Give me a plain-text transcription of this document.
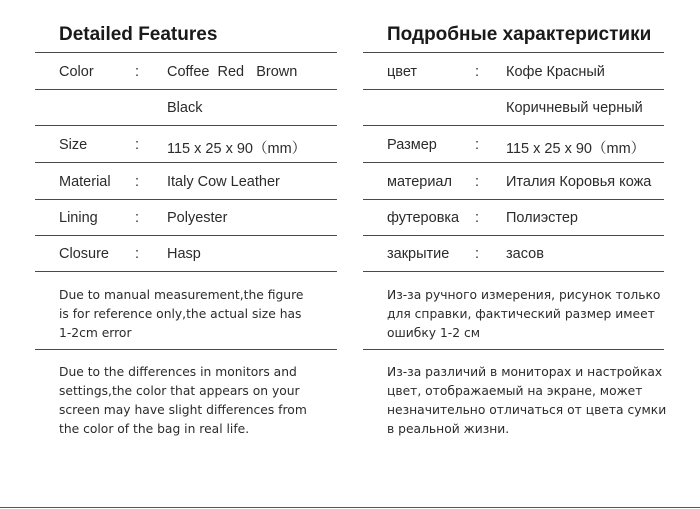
Detailed Features
Color	: Coffee  Red   Brown
Black
Size	: 115 x 25 x 90（mm）
Material : Italy Cow Leather
Lining	: Polyester
Closure : Hasp
Due to manual measurement,the figure
is for reference only,the actual size has
1-2cm error
Due to the differences in monitors and
settings,the color that appears on your
screen may have slight differences from
the color of the bag in real life.
Подробные характеристики
цвет	: Кофе Красный
Коричневый черный
Размер	: 115 x 25 x 90（mm）
материал : Италия Коровья кожа
футеровка : Полиэстер
закрытие : засов
Из-за ручного измерения, рисунок только
для справки, фактический размер имеет
ошибку 1-2 см
Из-за различий в мониторах и настройках
цвет, отображаемый на экране, может
незначительно отличаться от цвета сумки
в реальной жизни.
